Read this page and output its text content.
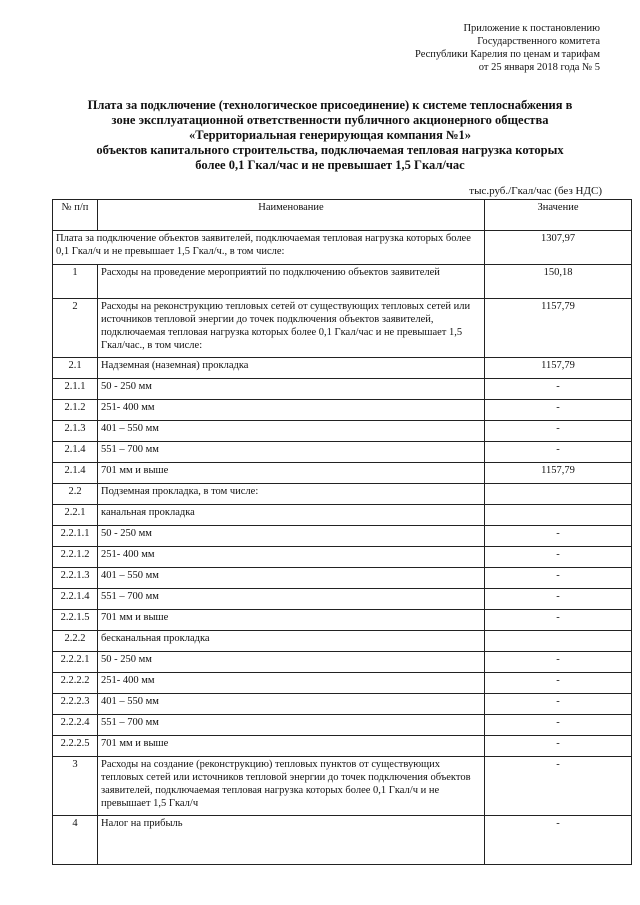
Приложение к постановлению
Государственного комитета
Республики Карелия по ценам и тарифам
от 25 января 2018 года № 5
Плата за подключение (технологическое присоединение) к системе теплоснабжения в
зоне эксплуатационной ответственности публичного акционерного общества
«Территориальная генерирующая компания №1»
объектов капитального строительства, подключаемая тепловая нагрузка которых
более 0,1 Гкал/час и не превышает 1,5 Гкал/час
тыс.руб./Гкал/час (без НДС)
№ п/п	Наименование	Значение
Плата за подключение объектов заявителей, подключаемая тепловая нагрузка которых более 0,1 Гкал/ч и не превышает 1,5 Гкал/ч., в том числе:		1307,97
1	Расходы на проведение мероприятий по подключению объектов заявителей	150,18
2	Расходы на реконструкцию тепловых сетей от существующих тепловых сетей или источников тепловой энергии до точек подключения объектов заявителей, подключаемая тепловая нагрузка которых более 0,1 Гкал/час и не превышает 1,5 Гкал/час., в том числе:	1157,79
2.1	Надземная (наземная) прокладка	1157,79
2.1.1	50 - 250 мм	-
2.1.2	251- 400 мм	-
2.1.3	401 – 550 мм	-
2.1.4	551 – 700 мм	-
2.1.4	701 мм и выше	1157,79
2.2	Подземная прокладка, в том числе:	
2.2.1	канальная прокладка	
2.2.1.1	50 - 250 мм	-
2.2.1.2	251- 400 мм	-
2.2.1.3	401 – 550 мм	-
2.2.1.4	551 – 700 мм	-
2.2.1.5	701 мм и выше	-
2.2.2	бесканальная прокладка	
2.2.2.1	50 - 250 мм	-
2.2.2.2	251- 400 мм	-
2.2.2.3	401 – 550 мм	-
2.2.2.4	551 – 700 мм	-
2.2.2.5	701 мм и выше	-
3	Расходы на создание (реконструкцию) тепловых пунктов от существующих тепловых сетей или источников тепловой энергии до точек подключения объектов заявителей, подключаемая тепловая нагрузка которых более 0,1 Гкал/ч и не превышает 1,5 Гкал/ч	-
4	Налог на прибыль	-
